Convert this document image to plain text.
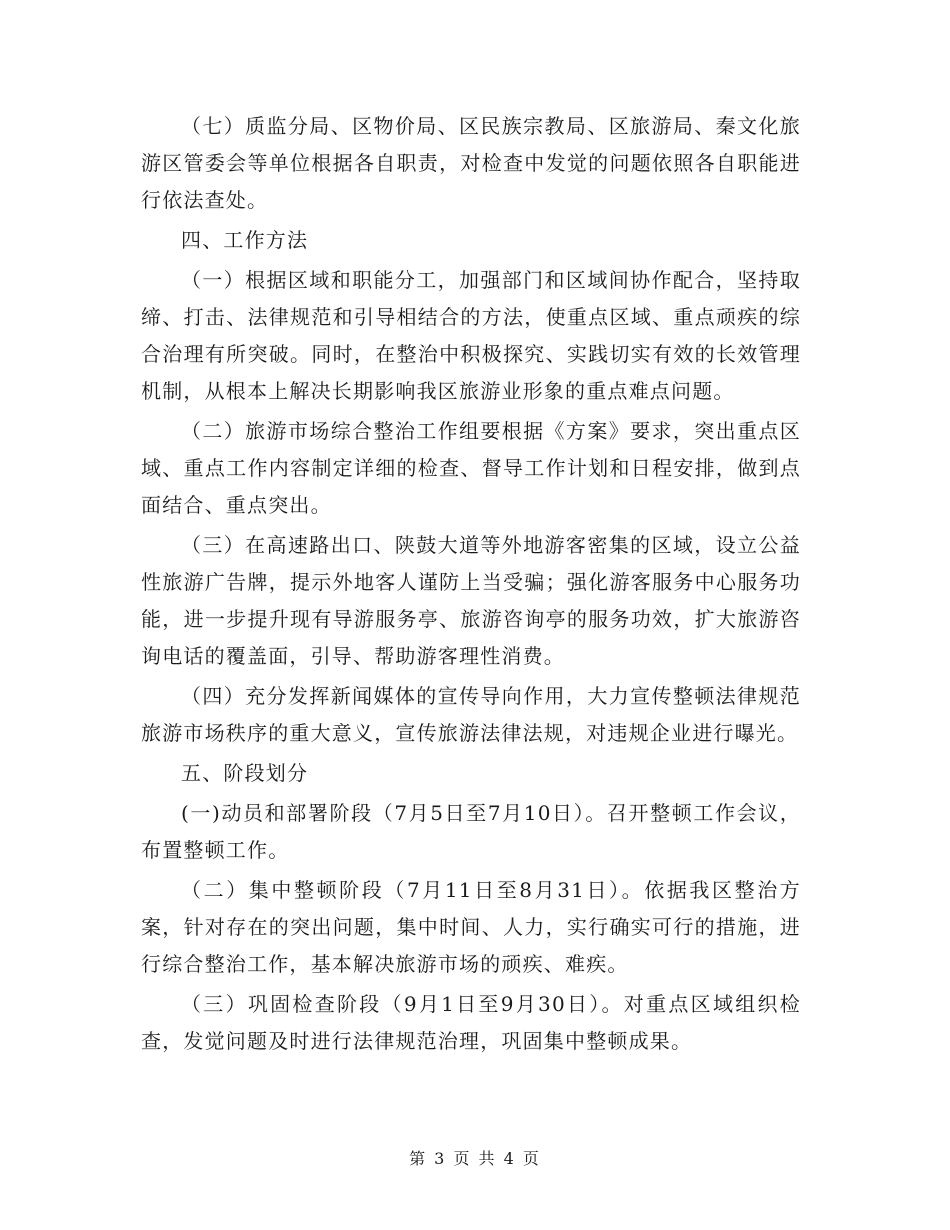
（七）质监分局、区物价局、区民族宗教局、区旅游局、秦文化旅游区管委会等单位根据各自职责，对检查中发觉的问题依照各自职能进行依法查处。

四、工作方法

（一）根据区域和职能分工，加强部门和区域间协作配合，坚持取缔、打击、法律规范和引导相结合的方法，使重点区域、重点顽疾的综合治理有所突破。同时，在整治中积极探究、实践切实有效的长效管理机制，从根本上解决长期影响我区旅游业形象的重点难点问题。

（二）旅游市场综合整治工作组要根据《方案》要求，突出重点区域、重点工作内容制定详细的检查、督导工作计划和日程安排，做到点面结合、重点突出。

（三）在高速路出口、陕鼓大道等外地游客密集的区域，设立公益性旅游广告牌，提示外地客人谨防上当受骗；强化游客服务中心服务功能，进一步提升现有导游服务亭、旅游咨询亭的服务功效，扩大旅游咨询电话的覆盖面，引导、帮助游客理性消费。

（四）充分发挥新闻媒体的宣传导向作用，大力宣传整顿法律规范旅游市场秩序的重大意义，宣传旅游法律法规，对违规企业进行曝光。

五、阶段划分

(一)动员和部署阶段（7月5日至7月10日）。召开整顿工作会议，布置整顿工作。

（二）集中整顿阶段（7月11日至8月31日）。依据我区整治方案，针对存在的突出问题，集中时间、人力，实行确实可行的措施，进行综合整治工作，基本解决旅游市场的顽疾、难疾。

（三）巩固检查阶段（9月1日至9月30日）。对重点区域组织检查，发觉问题及时进行法律规范治理，巩固集中整顿成果。

第 3 页 共 4 页
